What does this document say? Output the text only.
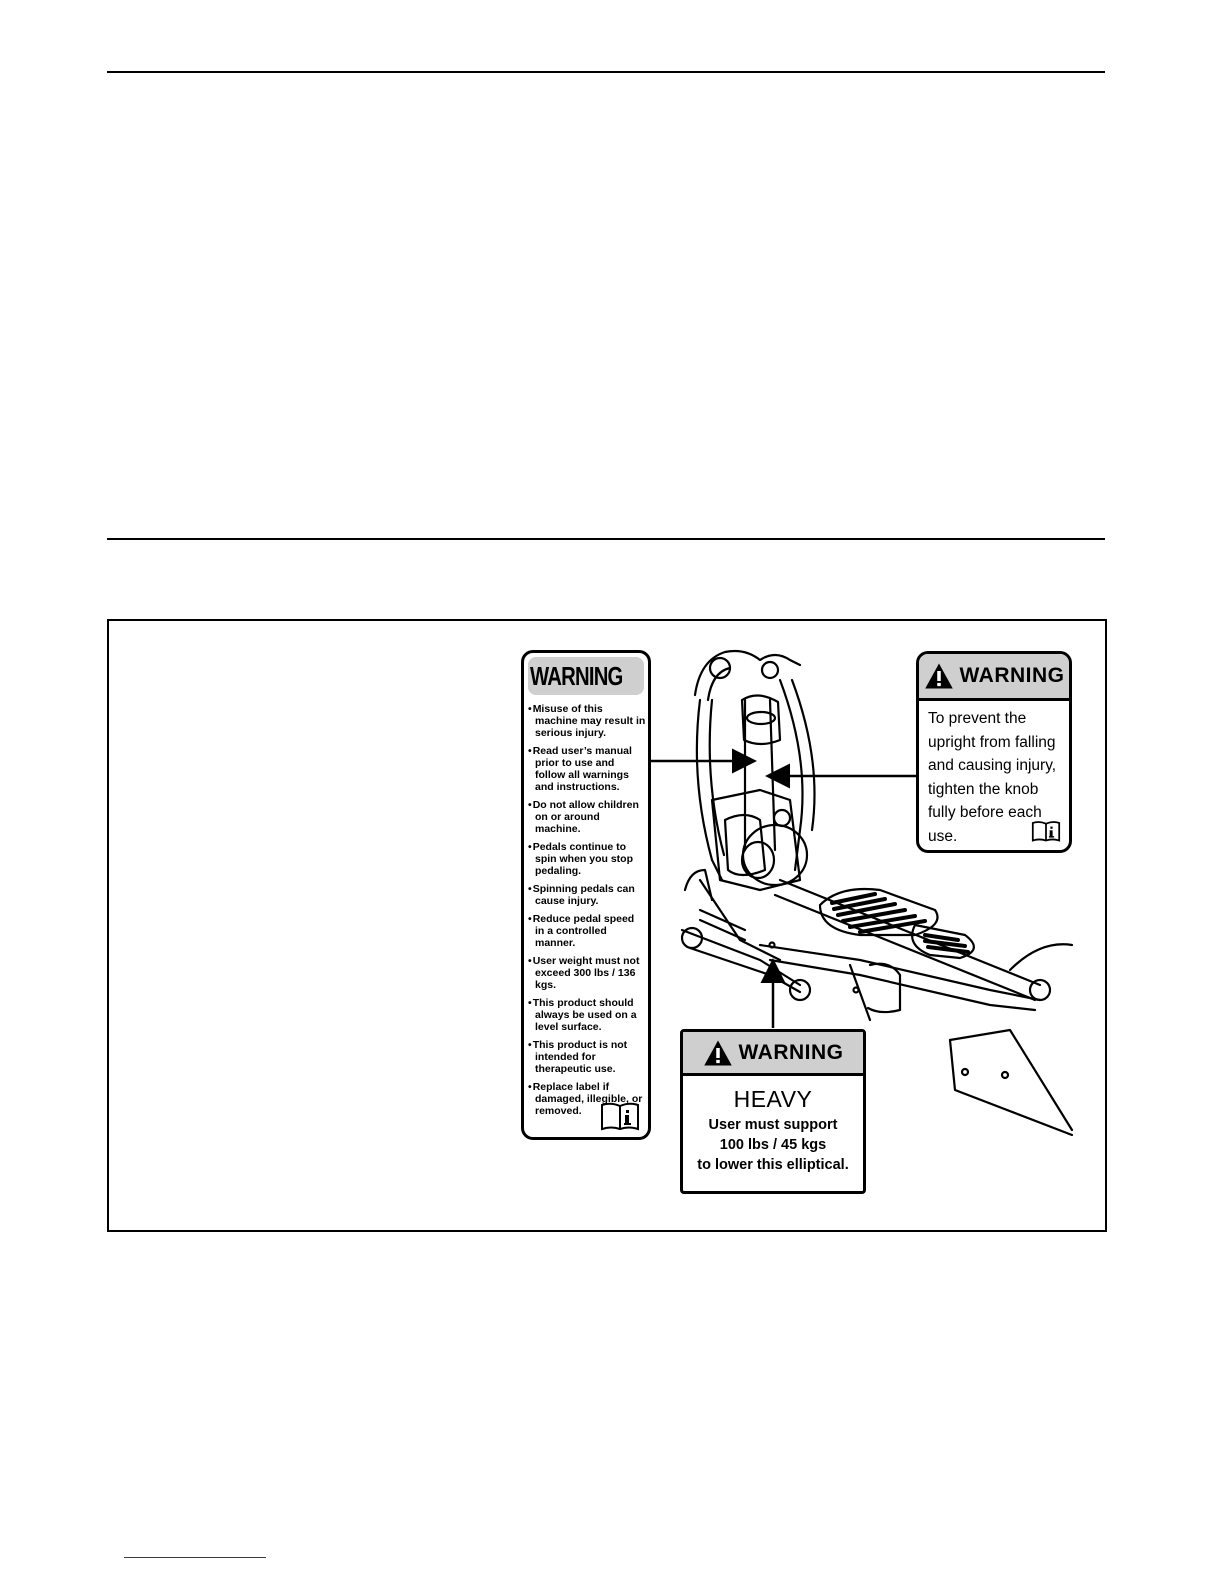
WARNING
• Misuse of this machine may result in serious injury.
• Read user’s manual prior to use and follow all warnings and instructions.
• Do not allow children on or around machine.
• Pedals continue to spin when you stop pedaling.
• Spinning pedals can cause injury.
• Reduce pedal speed in a controlled manner.
• User weight must not exceed 300 lbs / 136 kgs.
• This product should always be used on a level surface.
• This product is not intended for therapeutic use.
• Replace label if damaged, illegible, or removed.
WARNING
To prevent the
upright from falling
and causing injury,
tighten the knob
fully before each
use.
WARNING
HEAVY
User must support
100 lbs / 45 kgs
to lower this elliptical.
